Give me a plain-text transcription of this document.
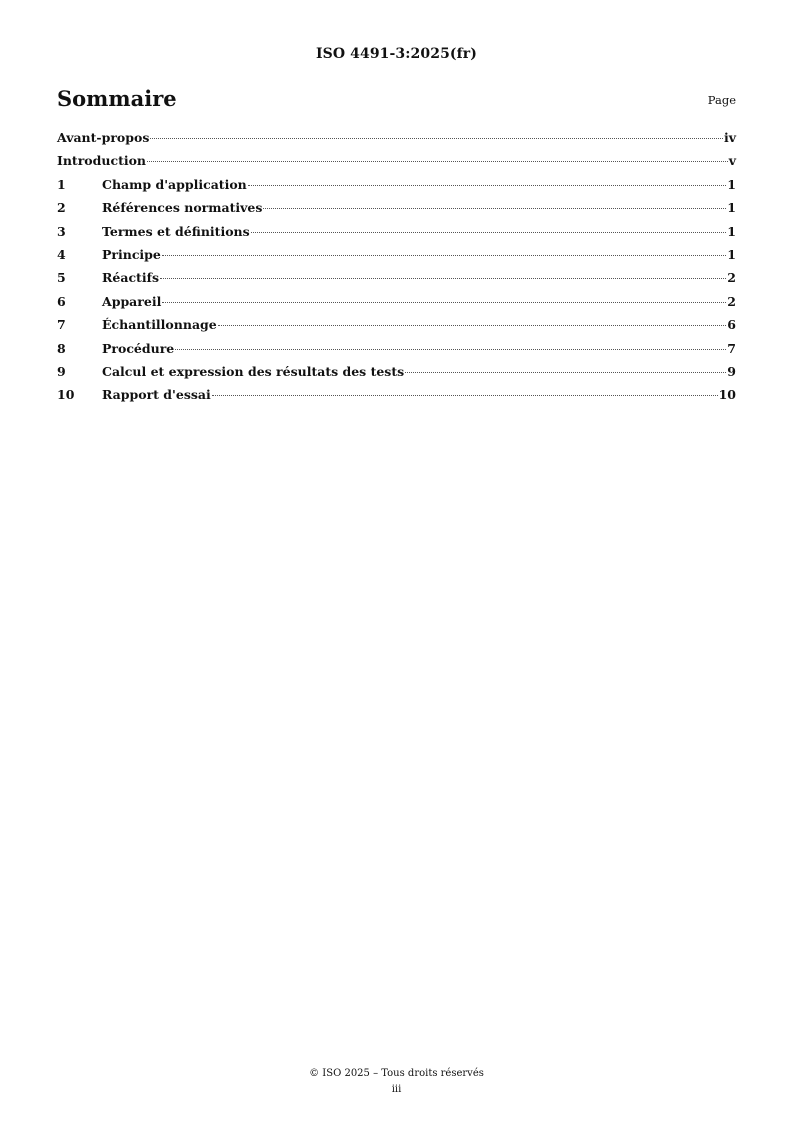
ISO 4491-3:2025(fr)
Sommaire	Page
Avant-propos	iv
Introduction	v
1	Champ d'application	1
2	Références normatives	1
3	Termes et définitions	1
4	Principe	1
5	Réactifs	2
6	Appareil	2
7	Échantillonnage	6
8	Procédure	7
9	Calcul et expression des résultats des tests	9
10	Rapport d'essai	10
© ISO 2025 – Tous droits réservés
iii
